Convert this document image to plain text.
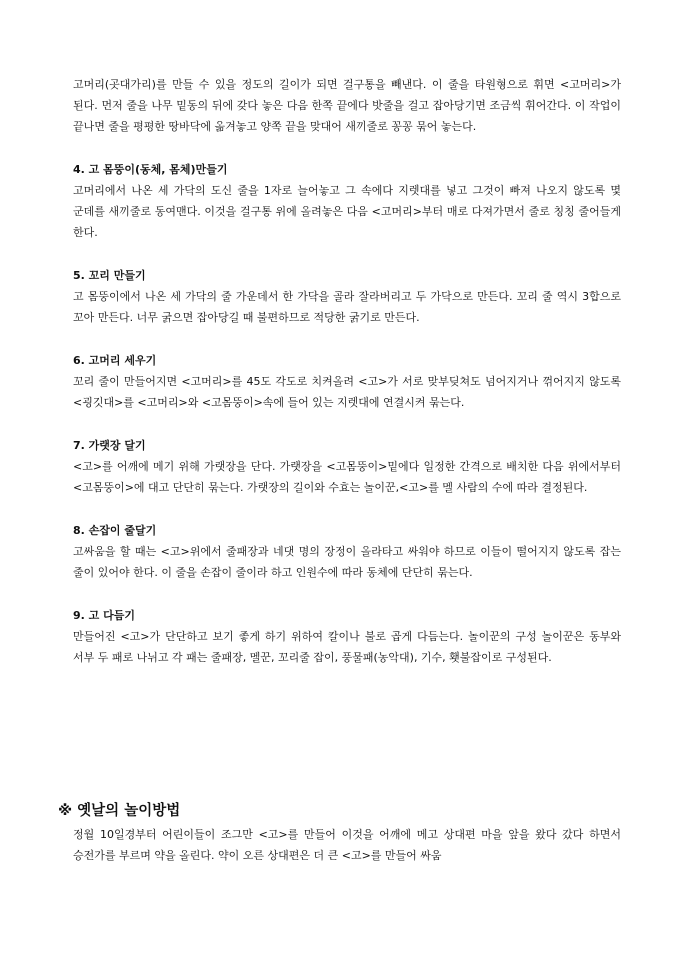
고머리(곳대가리)를 만들 수 있을 정도의 길이가 되면 걸구통을 빼낸다. 이 줄을 타원형으로 휘면 <고머리>가 된다. 먼저 줄을 나무 밑동의 뒤에 갖다 놓은 다음 한쪽 끝에다 밧줄을 걸고 잡아당기면 조금씩 휘어간다. 이 작업이 끝나면 줄을 평평한 땅바닥에 옮겨놓고 양쪽 끝을 맞대어 새끼줄로 꽁꽁 묶어 놓는다.

4. 고 몸뚱이(동체, 몸체)만들기

고머리에서 나온 세 가닥의 도신 줄을 1자로 늘어놓고 그 속에다 지렛대를 넣고 그것이 빠져 나오지 않도록 몇 군데를 새끼줄로 동여맨다. 이것을 걸구통 위에 올려놓은 다음 <고머리>부터 매로 다져가면서 줄로 칭칭 줄어들게 한다.

5. 꼬리 만들기

고 몸뚱이에서 나온 세 가닥의 줄 가운데서 한 가닥을 골라 잘라버리고 두 가닥으로 만든다. 꼬리 줄 역시 3합으로 꼬아 만든다. 너무 굵으면 잡아당길 때 불편하므로 적당한 굵기로 만든다.

6. 고머리 세우기

꼬리 줄이 만들어지면 <고머리>를 45도 각도로 치켜올려 <고>가 서로 맞부딪쳐도 넘어지거나 꺾어지지 않도록 <굉깃대>를 <고머리>와 <고몸뚱이>속에 들어 있는 지렛대에 연결시켜 묶는다.

7. 가랫장 달기

<고>를 어깨에 메기 위해 가랫장을 단다. 가랫장을 <고몸뚱이>밑에다 일정한 간격으로 배치한 다음 위에서부터 <고몸뚱이>에 대고 단단히 묶는다. 가랫장의 길이와 수효는 놀이꾼,<고>를 멜 사람의 수에 따라 결정된다.

8. 손잡이 줄달기

고싸움을 할 때는 <고>위에서 줄패장과 네댓 명의 장정이 올라타고 싸워야 하므로 이들이 떨어지지 않도록 잡는 줄이 있어야 한다. 이 줄을 손잡이 줄이라 하고 인원수에 따라 동체에 단단히 묶는다.

9. 고 다듬기

만들어진 <고>가 단단하고 보기 좋게 하기 위하여 칼이나 불로 곱게 다듬는다. 놀이꾼의 구성 놀이꾼은 동부와 서부 두 패로 나뉘고 각 패는 줄패장, 멜꾼, 꼬리줄 잡이, 풍물패(농악대), 기수, 횃불잡이로 구성된다.

※ 옛날의 놀이방법

정월 10일경부터 어린이들이 조그만 <고>를 만들어 이것을 어깨에 메고 상대편 마을 앞을 왔다 갔다 하면서 승전가를 부르며 약을 올린다. 약이 오른 상대편은 더 큰 <고>를 만들어 싸움
